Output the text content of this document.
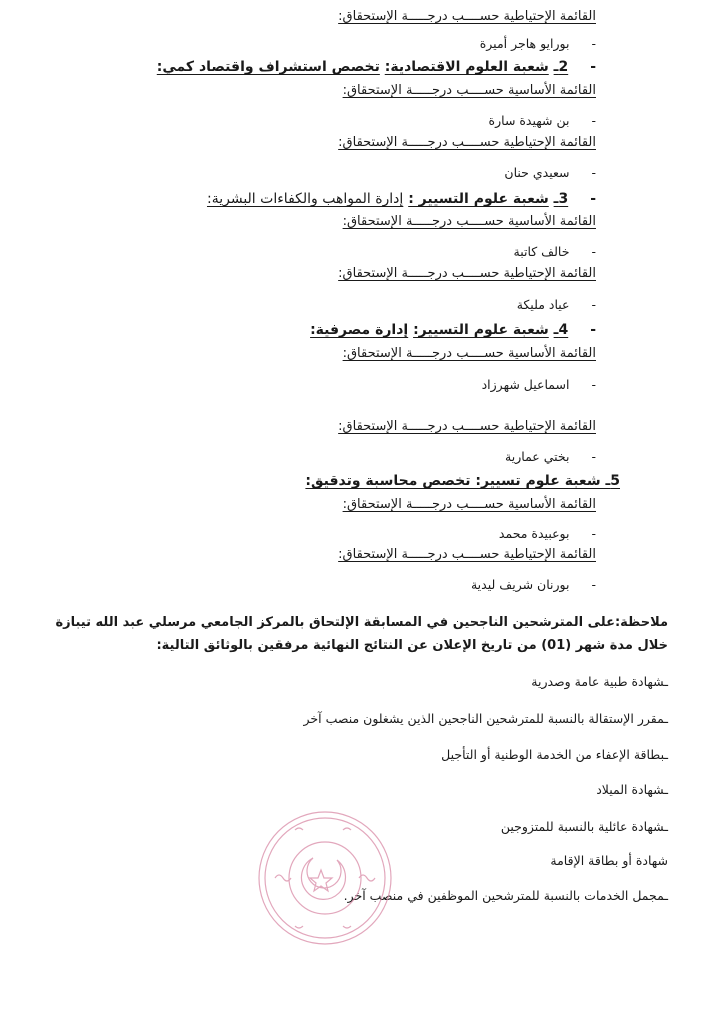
القائمة الإحتياطية حســــب درجـــــة الإستحقاق:
-بورايو هاجر أميرة
-2ـ شعبة العلوم الاقتصادية: تخصص استشراف واقتصاد كمي:
القائمة الأساسية حســــب درجـــــة الإستحقاق:
-بن شهيدة سارة
القائمة الإحتياطية حســــب درجـــــة الإستحقاق:
-سعيدي حنان
-3ـ شعبة علوم التسيير : إدارة المواهب والكفاءات البشرية:
القائمة الأساسية حســــب درجـــــة الإستحقاق:
-خالف كاتبة
القائمة الإحتياطية حســــب درجـــــة الإستحقاق:
-عياد مليكة
-4ـ شعبة علوم التسيير: إدارة مصرفية:
القائمة الأساسية حســــب درجـــــة الإستحقاق:
-اسماعيل شهرزاد
القائمة الإحتياطية حســــب درجـــــة الإستحقاق:
-بختي عمارية
5ـ شعبة علوم تسيير: تخصص محاسبة وتدقيق:
القائمة الأساسية حســــب درجـــــة الإستحقاق:
-بوعبيدة محمد
القائمة الإحتياطية حســــب درجـــــة الإستحقاق:
-بورنان شريف ليدية
ملاحظة:على المترشحين الناجحين في المسابقة الإلتحاق بالمركز الجامعي مرسلي عبد الله تيبازة
خلال مدة شهر (01) من تاريخ الإعلان عن النتائج النهائية مرفقين بالوثائق التالية:
ـشهادة طبية عامة وصدرية
ـمقرر الإستقالة بالنسبة للمترشحين الناجحين الذين يشغلون منصب آخر
ـبطاقة الإعفاء من الخدمة الوطنية أو التأجيل
ـشهادة الميلاد
ـشهادة عائلية بالنسبة للمتزوجين
شهادة أو بطاقة الإقامة
ـمجمل الخدمات بالنسبة للمترشحين الموظفين في منصب آخر.
